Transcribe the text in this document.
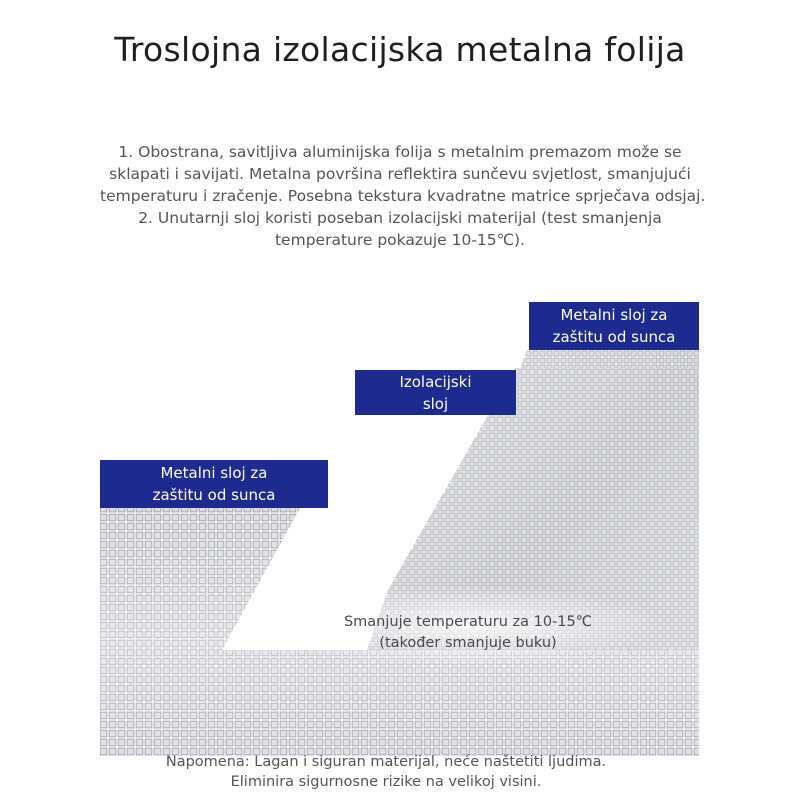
Troslojna izolacijska metalna folija
1. Obostrana, savitljiva aluminijska folija s metalnim premazom može se
sklapati i savijati. Metalna površina reflektira sunčevu svjetlost, smanjujući
temperaturu i zračenje. Posebna tekstura kvadratne matrice sprječava odsjaj.
2. Unutarnji sloj koristi poseban izolacijski materijal (test smanjenja
temperature pokazuje 10-15℃).
Metalni sloj za
zaštitu od sunca
Izolacijski
sloj
Metalni sloj za
zaštitu od sunca
Smanjuje temperaturu za 10-15℃
(također smanjuje buku)
Napomena: Lagan i siguran materijal, neće naštetiti ljudima.
Eliminira sigurnosne rizike na velikoj visini.
